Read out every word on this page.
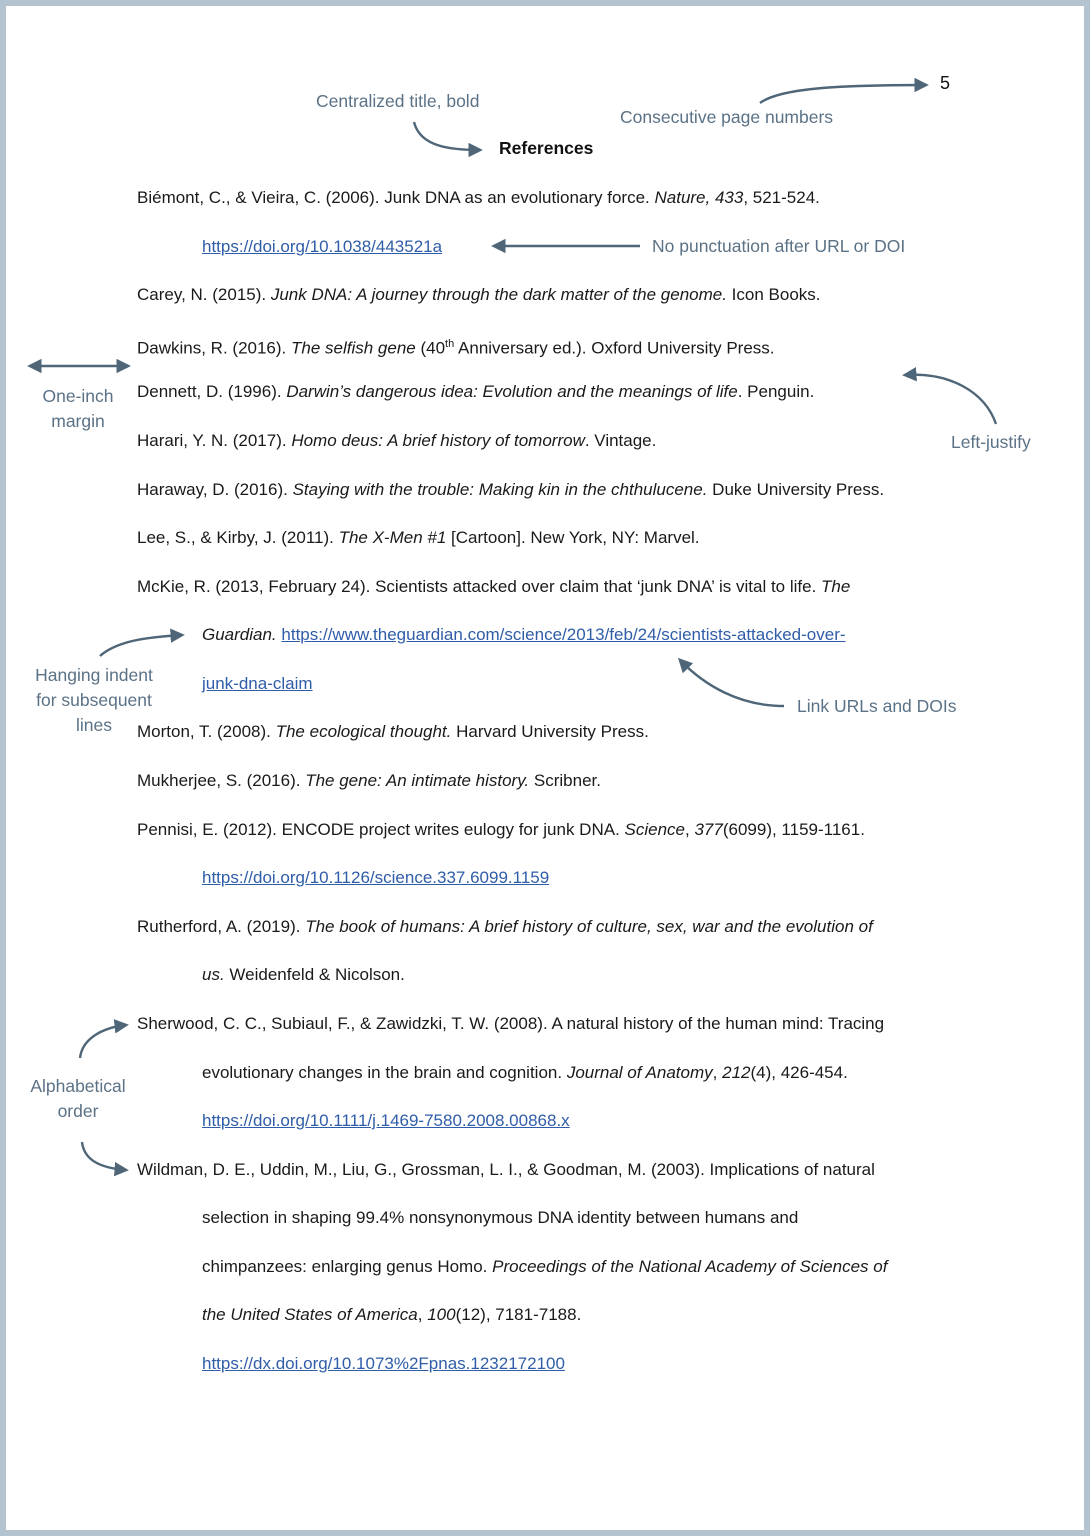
Centralized title, bold
Consecutive page numbers
No punctuation after URL or DOI
One-inch
margin
Left-justify
Hanging indent
for subsequent
lines
Link URLs and DOIs
Alphabetical
order
5
References
Biémont, C., & Vieira, C. (2006). Junk DNA as an evolutionary force. Nature, 433, 521-524.
https://doi.org/10.1038/443521a
Carey, N. (2015). Junk DNA: A journey through the dark matter of the genome. Icon Books.
Dawkins, R. (2016). The selfish gene (40th Anniversary ed.). Oxford University Press.
Dennett, D. (1996). Darwin’s dangerous idea: Evolution and the meanings of life. Penguin.
Harari, Y. N. (2017). Homo deus: A brief history of tomorrow. Vintage.
Haraway, D. (2016). Staying with the trouble: Making kin in the chthulucene. Duke University Press.
Lee, S., & Kirby, J. (2011). The X-Men #1 [Cartoon]. New York, NY: Marvel.
McKie, R. (2013, February 24). Scientists attacked over claim that ‘junk DNA’ is vital to life. The
Guardian. https://www.theguardian.com/science/2013/feb/24/scientists-attacked-over-
junk-dna-claim
Morton, T. (2008). The ecological thought. Harvard University Press.
Mukherjee, S. (2016). The gene: An intimate history. Scribner.
Pennisi, E. (2012). ENCODE project writes eulogy for junk DNA. Science, 377(6099), 1159-1161.
https://doi.org/10.1126/science.337.6099.1159
Rutherford, A. (2019). The book of humans: A brief history of culture, sex, war and the evolution of
us. Weidenfeld & Nicolson.
Sherwood, C. C., Subiaul, F., & Zawidzki, T. W. (2008). A natural history of the human mind: Tracing
evolutionary changes in the brain and cognition. Journal of Anatomy, 212(4), 426-454.
https://doi.org/10.1111/j.1469-7580.2008.00868.x
Wildman, D. E., Uddin, M., Liu, G., Grossman, L. I., & Goodman, M. (2003). Implications of natural
selection in shaping 99.4% nonsynonymous DNA identity between humans and
chimpanzees: enlarging genus Homo. Proceedings of the National Academy of Sciences of
the United States of America, 100(12), 7181-7188.
https://dx.doi.org/10.1073%2Fpnas.1232172100
